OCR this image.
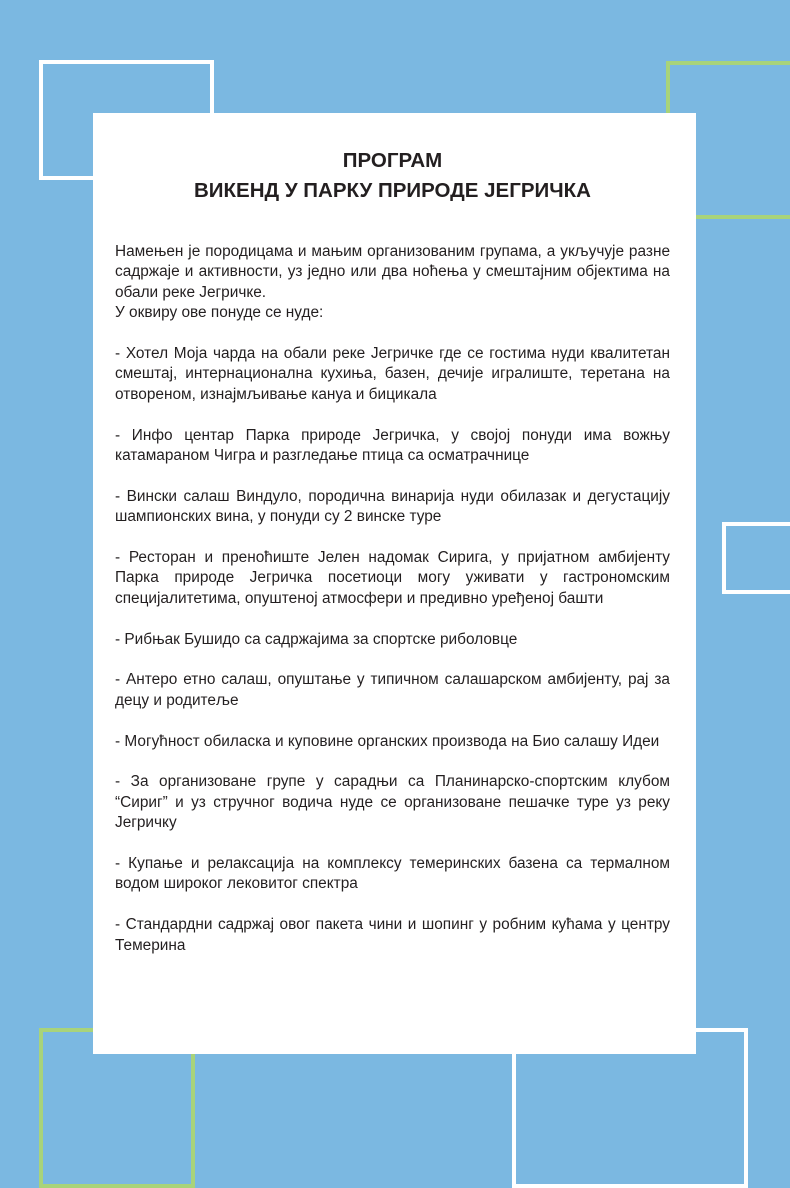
ПРОГРАМ
ВИКЕНД У ПАРКУ ПРИРОДЕ ЈЕГРИЧКА

Намењен је породицама и мањим организованим групама, а укључује разне садржаје и активности, уз једно или два ноћења у смештајним објектима на обали реке Јегричке.

У оквиру ове понуде се нуде:

- Хотел Моја чарда на обали реке Јегричке где се гостима нуди квалитетан смештај, интернационална кухиња, базен, дечије игралиште, теретана на отвореном, изнајмљивање кануа и бицикала

- Инфо центар Парка природе Јегричка, у својој понуди има вожњу катамараном Чигра и разгледање птица са осматрачнице

- Вински салаш Виндуло, породична винарија нуди обилазак и дегустацију шампионских вина, у понуди су 2 винске туре

- Ресторан и преноћиште Јелен надомак Сирига, у пријатном амбијенту Парка природе Јегричка посетиоци могу уживати у гастрономским специјалитетима, опуштеној атмосфери и предивно уређеној башти

- Рибњак Бушидо са садржајима за спортске риболовце

- Антеро етно салаш, опуштање у типичном салашарском амбијенту, рај за децу и родитеље

- Могућност обиласка и куповине органских производа на Био салашу Идеи

- За организоване групе у сарадњи са Планинарско-спортским клубом “Сириг” и уз стручног водича нуде се организоване пешачке туре уз реку Јегричку

- Купање и релаксација на комплексу темеринских базена са термалном водом широког лековитог спектра

- Стандардни садржај овог пакета чини и шопинг у робним кућама у центру Темерина
